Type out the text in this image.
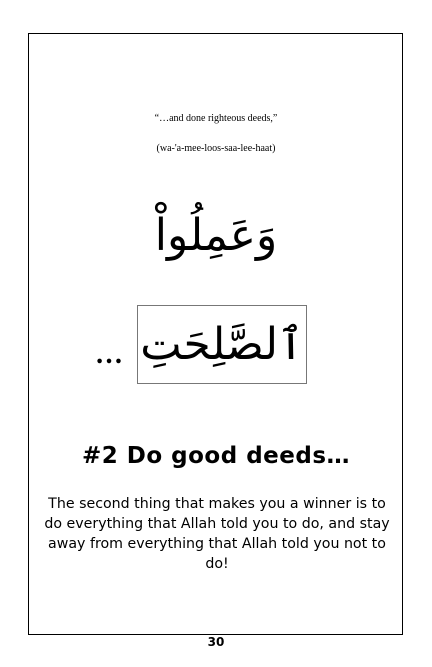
“…and done righteous deeds,”
(wa-'a-mee-loos-saa-lee-haat)
وَعَمِلُواْ
… ٱلصَّلِحَتِ
#2 Do good deeds…
The second thing that makes you a winner is to do everything that Allah told you to do, and stay away from everything that Allah told you not to do!
30
